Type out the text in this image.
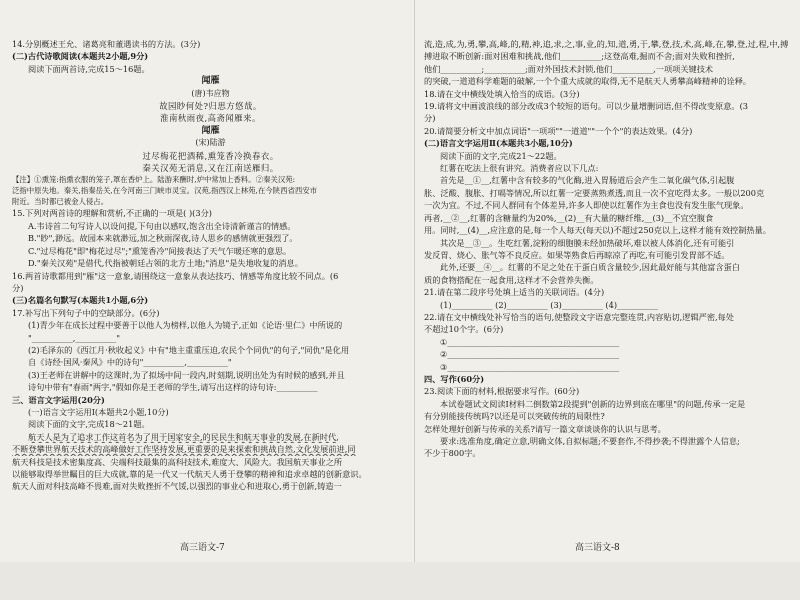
14.分别概述王允、诸葛亮和董遇读书的方法。(3分)
(二)古代诗歌阅读(本题共2小题,9分)
阅读下面两首诗,完成15～16题。
闻雁
(唐)韦应物
故园眇何处?归思方悠哉。
淮南秋雨夜,高斋闻雁来。
闻雁
(宋)陆游
过尽梅花把酒稀,熏笼香冷换春衣。
秦关汉苑无消息,又在江南送雁归。
【注】①熏笼:指熏衣服的笼子,罩在香炉上。陆游来酬时,炉中常加上香料。②秦关汉苑:
泛指中原失地。秦关,指秦岳关,在今河南三门峡市灵宝。汉苑,指西汉上林苑,在今陕西省西安市
附近。当时都已被金人侵占。
15.下列对两首诗的理解和赏析,不正确的一项是( )(3分)
A.韦诗首二句写诗人以设问提,下句由以感叹,饱含出全诗清新谨言的情感。
B."眇",渺远。故园本来就渺远,加之秋雨深夜,诗人思乡的感情就更强烈了。
C."过尽梅花"即"梅花过尽";"熏笼香冷"间接表达了天气乍暖还寒的意思。
D."秦关汉苑"是借代,代指被朝廷占领的北方土地;"消息"是失地收复的消息。
16.两首诗歌都用到"雁"这一意象,请围绕这一意象从表达技巧、情感等角度比较不同点。(6
分)
(三)名篇名句默写(本题共1小题,6分)
17.补写出下列句子中的空缺部分。(6分)
(1)青少年在成长过程中要善于以他人为榜样,以他人为镜子,正如《论语·里仁》中所说的
"__________,__________"
(2)毛泽东的《西江月·秋收起义》中有"地主重重压迫,农民个个同仇"的句子,"同仇"是化用
自《诗经·国风·秦风》中的诗句"__________,__________"
(3)王老师在讲解中的这课时,为了拟场中间一段内,时刻期,说明出处为有时候的感到,并且
诗句中带有"春雨"两字,"假如你是王老师的学生,请写出这样的诗句诗:__________
三、语言文字运用(20分)
(一)语言文字运用Ⅰ(本题共2小题,10分)
阅读下面的文字,完成18～21题。
航天人是为了追求工作这首名为了用于国家安全,的民民生和航天事业的发展,在新时代,
不断登攀世界航天技术的高峰做好工作坚持发展,更重要的是来探索和挑战自然,文化发展前进,同
航天科技是技术密集度高、尖端科技最集的高科技技术,难度大、风险大。我国航天事业之所
以能够取得举世瞩目的巨大成就,靠的是一代又一代航天人勇于登攀的精神和追求卓越的创新意识。
航天人面对科技高峰不畏难,面对失败挫折不气馁,以强烈的事业心和进取心,勇于创新,铸造一
流,造,成,为,勇,攀,高,峰,的,精,神,追,求,之,事,业,的,知,道,勇,于,攀,登,技,术,高,峰,在,攀,登,过,程,中,搏
搏进取不断创新:面对困难和挑战,他们__________;这登高难,掘而不舍;面对失败和挫折,
他们__________;__________;面对外国技术封锁,他们__________,一项项关键技术
的突破,一道道科学难题的破解,一个个重大成就的取得,无不是航天人勇攀高峰精神的诠释。
18.请在文中横线处填入恰当的成语。(3分)
19.请将文中画波浪线的部分改成3个较短的语句。可以少量增删词语,但不得改变原意。(3
分)
20.请简要分析文中加点词语"一项项""一道道""一个个"的表达效果。(4分)
(二)语言文字运用Ⅱ(本题共3小题,10分)
阅读下面的文字,完成21～22题。
红薯在吃法上很有讲究。消费者应以下几点:
首先是__①__,红薯中含有较多的气化酶,进入胃肠道后会产生二氧化碳气体,引起腹
胀、泛酸、腹胀、打嗝等情况,所以红薯一定要蒸熟煮透,而且一次不宜吃得太多。一般以200克
一次为宜。不过,不同人群同有个体差异,许多人即使以红薯作为主食也没有发生胀气现象。
再者,__②__,红薯的含糖量约为20%,__(2)__有大量的糖纤维,__(3)__不宜空腹食
用。同时,__(4)__,应注意的是,每一个人每天(每天以)不超过250克以上,这样才能有效控制热量。
其次是__③__。生吃红薯,淀粉的细胞膜未经加热破坏,难以被人体消化,还有可能引
发反胃、烧心、胀气等不良反应。如果等熟食后再晾凉了再吃,有可能引发胃部不适。
此外,还要__④__。红薯的不足之处在于蛋白质含量较少,因此最好能与其他富含蛋白
质的食物搭配在一起食用,这样才不会营养失衡。
21.请在第二段序号处填上适当的关联词语。(4分)
(1)__________ (2)__________ (3)__________ (4)__________
22.请在文中横线处补写恰当的语句,使整段文字语意完整连贯,内容贴切,逻辑严密,每处
不超过10个字。(6分)
①__________________________________________
②__________________________________________
③__________________________________________
四、写作(60分)
23.阅读下面的材料,根据要求写作。(60分)
本试卷题试文阅读Ⅰ材料二倒数第2段提到"创新的边界到底在哪里"的问题,传承一定是
有分别能接传统吗?以还是可以突破传统的局限性?
怎样处理好创新与传承的关系?请写一篇文章谈谈你的认识与思考。
要求:选准角度,确定立意,明确文体,自拟标题;不要套作,不得抄袭;不得泄露个人信息;
不少于800字。
高三语文-7	高三语文-8
